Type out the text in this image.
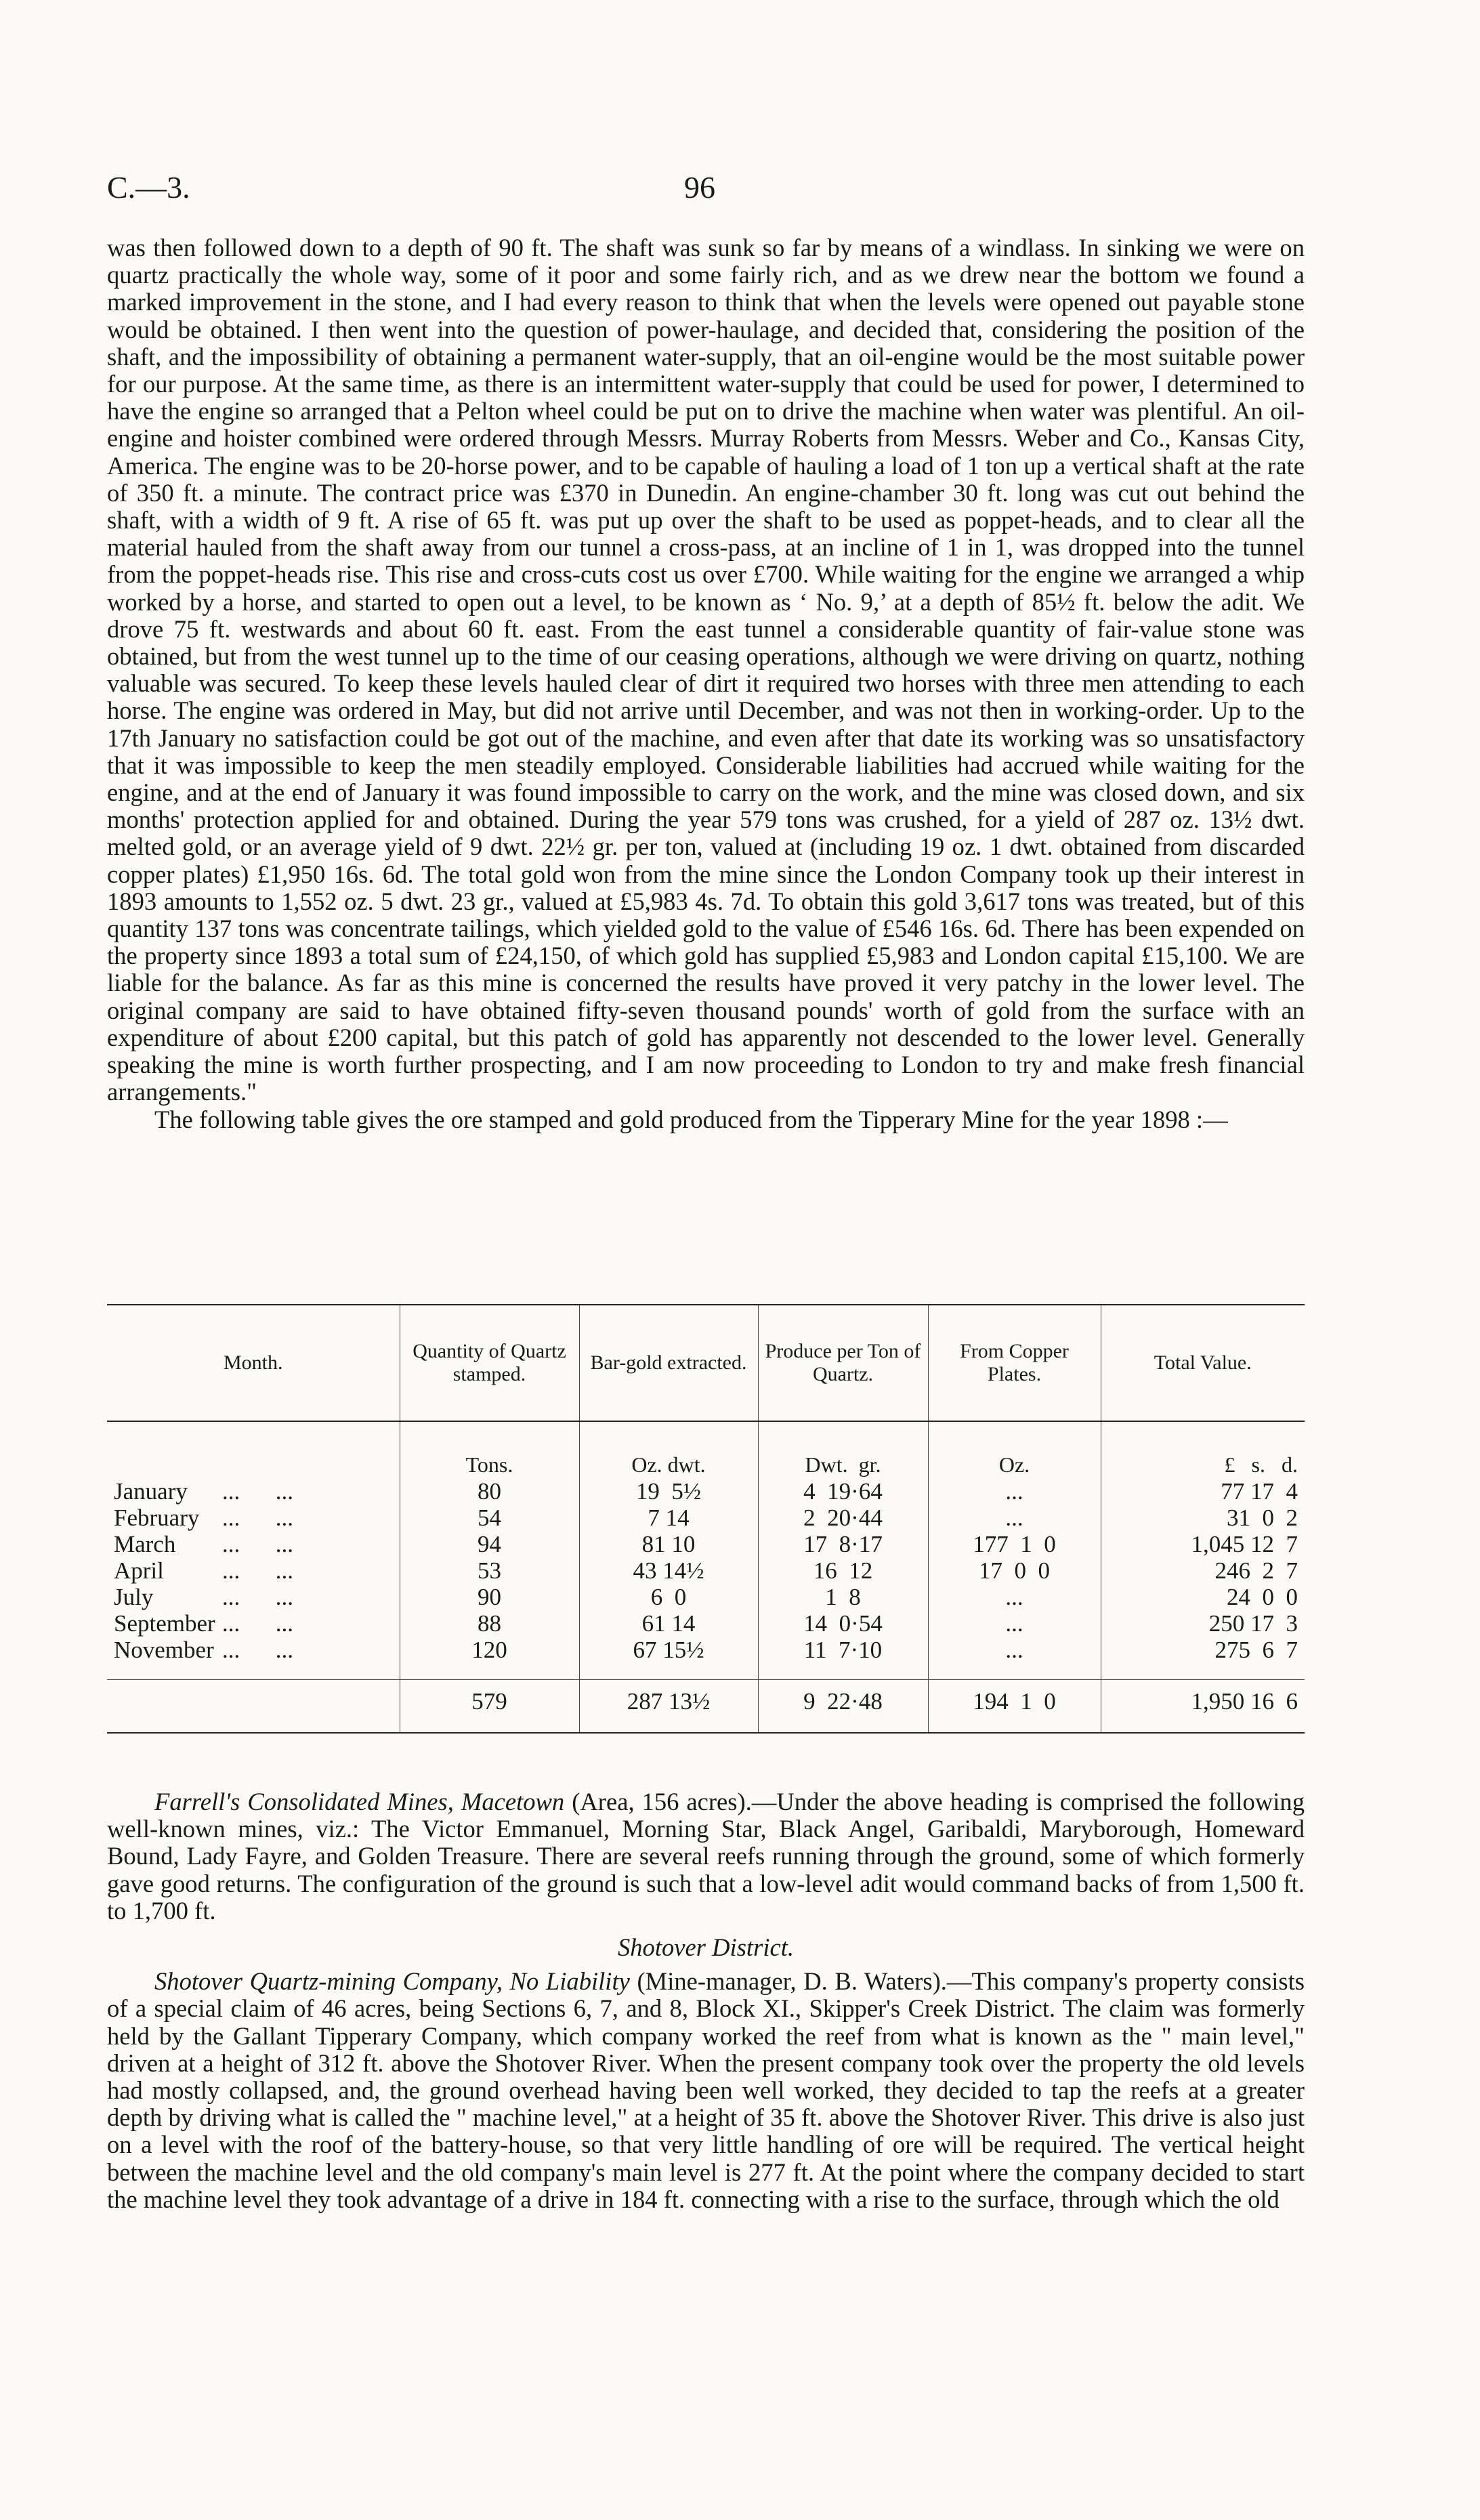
C.—3.	96

was then followed down to a depth of 90 ft. The shaft was sunk so far by means of a windlass. In sinking we were on quartz practically the whole way, some of it poor and some fairly rich, and as we drew near the bottom we found a marked improvement in the stone, and I had every reason to think that when the levels were opened out payable stone would be obtained. I then went into the question of power-haulage, and decided that, considering the position of the shaft, and the impossibility of obtaining a permanent water-supply, that an oil-engine would be the most suitable power for our purpose. At the same time, as there is an intermittent water-supply that could be used for power, I determined to have the engine so arranged that a Pelton wheel could be put on to drive the machine when water was plentiful. An oil-engine and hoister combined were ordered through Messrs. Murray Roberts from Messrs. Weber and Co., Kansas City, America. The engine was to be 20-horse power, and to be capable of hauling a load of 1 ton up a vertical shaft at the rate of 350 ft. a minute. The contract price was £370 in Dunedin. An engine-chamber 30 ft. long was cut out behind the shaft, with a width of 9 ft. A rise of 65 ft. was put up over the shaft to be used as poppet-heads, and to clear all the material hauled from the shaft away from our tunnel a cross-pass, at an incline of 1 in 1, was dropped into the tunnel from the poppet-heads rise. This rise and cross-cuts cost us over £700. While waiting for the engine we arranged a whip worked by a horse, and started to open out a level, to be known as ‘ No. 9,’ at a depth of 85½ ft. below the adit. We drove 75 ft. westwards and about 60 ft. east. From the east tunnel a considerable quantity of fair-value stone was obtained, but from the west tunnel up to the time of our ceasing operations, although we were driving on quartz, nothing valuable was secured. To keep these levels hauled clear of dirt it required two horses with three men attending to each horse. The engine was ordered in May, but did not arrive until December, and was not then in working-order. Up to the 17th January no satisfaction could be got out of the machine, and even after that date its working was so unsatisfactory that it was impossible to keep the men steadily employed. Considerable liabilities had accrued while waiting for the engine, and at the end of January it was found impossible to carry on the work, and the mine was closed down, and six months' protection applied for and obtained. During the year 579 tons was crushed, for a yield of 287 oz. 13½ dwt. melted gold, or an average yield of 9 dwt. 22½ gr. per ton, valued at (including 19 oz. 1 dwt. obtained from discarded copper plates) £1,950 16s. 6d. The total gold won from the mine since the London Company took up their interest in 1893 amounts to 1,552 oz. 5 dwt. 23 gr., valued at £5,983 4s. 7d. To obtain this gold 3,617 tons was treated, but of this quantity 137 tons was concentrate tailings, which yielded gold to the value of £546 16s. 6d. There has been expended on the property since 1893 a total sum of £24,150, of which gold has supplied £5,983 and London capital £15,100. We are liable for the balance. As far as this mine is concerned the results have proved it very patchy in the lower level. The original company are said to have obtained fifty-seven thousand pounds' worth of gold from the surface with an expenditure of about £200 capital, but this patch of gold has apparently not descended to the lower level. Generally speaking the mine is worth further prospecting, and I am now proceeding to London to try and make fresh financial arrangements."

The following table gives the ore stamped and gold produced from the Tipperary Mine for the year 1898 :—

Month.	Quantity of Quartz stamped.	Bar-gold extracted.	Produce per Ton of Quartz.	From Copper Plates.	Total Value.
	Tons.	Oz. dwt.	Dwt.  gr.	Oz.	£   s.   d.
January ...      ...	80	19  5½	4  19·64	...	77 17  4
February ...      ...	54	7 14	2  20·44	...	31  0  2
March ...      ...	94	81 10	17  8·17	177  1  0	1,045 12  7
April ...      ...	53	43 14½	16  12	17  0  0	246  2  7
July ...      ...	90	6  0	1  8	...	24  0  0
September ...      ...	88	61 14	14  0·54	...	250 17  3
November ...      ...	120	67 15½	11  7·10	...	275  6  7

	579	287 13½	9  22·48	194  1  0	1,950 16  6

Farrell's Consolidated Mines, Macetown (Area, 156 acres).—Under the above heading is comprised the following well-known mines, viz.: The Victor Emmanuel, Morning Star, Black Angel, Garibaldi, Maryborough, Homeward Bound, Lady Fayre, and Golden Treasure. There are several reefs running through the ground, some of which formerly gave good returns. The configuration of the ground is such that a low-level adit would command backs of from 1,500 ft. to 1,700 ft.

Shotover District.

Shotover Quartz-mining Company, No Liability (Mine-manager, D. B. Waters).—This company's property consists of a special claim of 46 acres, being Sections 6, 7, and 8, Block XI., Skipper's Creek District. The claim was formerly held by the Gallant Tipperary Company, which company worked the reef from what is known as the " main level," driven at a height of 312 ft. above the Shotover River. When the present company took over the property the old levels had mostly collapsed, and, the ground overhead having been well worked, they decided to tap the reefs at a greater depth by driving what is called the " machine level," at a height of 35 ft. above the Shotover River. This drive is also just on a level with the roof of the battery-house, so that very little handling of ore will be required. The vertical height between the machine level and the old company's main level is 277 ft. At the point where the company decided to start the machine level they took advantage of a drive in 184 ft. connecting with a rise to the surface, through which the old
